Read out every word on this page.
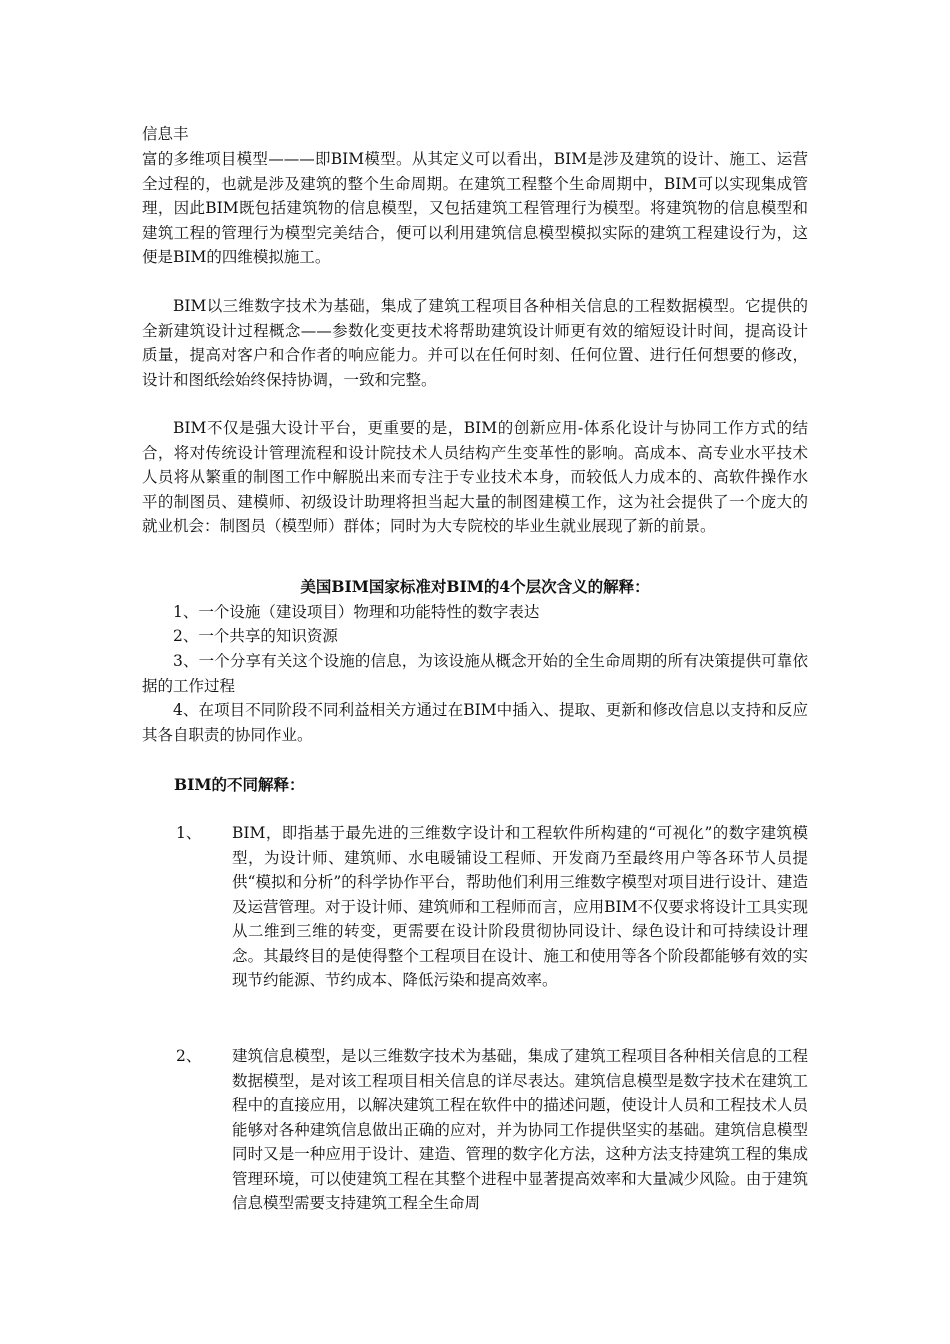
信息丰

富的多维项目模型———即BIM模型。从其定义可以看出，BIM是涉及建筑的设计、施工、运营全过程的，也就是涉及建筑的整个生命周期。在建筑工程整个生命周期中，BIM可以实现集成管理，因此BIM既包括建筑物的信息模型，又包括建筑工程管理行为模型。将建筑物的信息模型和建筑工程的管理行为模型完美结合，便可以利用建筑信息模型模拟实际的建筑工程建设行为，这便是BIM的四维模拟施工。

BIM以三维数字技术为基础，集成了建筑工程项目各种相关信息的工程数据模型。它提供的全新建筑设计过程概念——参数化变更技术将帮助建筑设计师更有效的缩短设计时间，提高设计质量，提高对客户和合作者的响应能力。并可以在任何时刻、任何位置、进行任何想要的修改，设计和图纸绘始终保持协调，一致和完整。

BIM不仅是强大设计平台，更重要的是，BIM的创新应用-体系化设计与协同工作方式的结合，将对传统设计管理流程和设计院技术人员结构产生变革性的影响。高成本、高专业水平技术人员将从繁重的制图工作中解脱出来而专注于专业技术本身，而较低人力成本的、高软件操作水平的制图员、建模师、初级设计助理将担当起大量的制图建模工作，这为社会提供了一个庞大的就业机会：制图员（模型师）群体；同时为大专院校的毕业生就业展现了新的前景。

美国BIM国家标准对BIM的4个层次含义的解释：

1、一个设施（建设项目）物理和功能特性的数字表达

2、一个共享的知识资源

3、一个分享有关这个设施的信息，为该设施从概念开始的全生命周期的所有决策提供可靠依据的工作过程

4、在项目不同阶段不同利益相关方通过在BIM中插入、提取、更新和修改信息以支持和反应其各自职责的协同作业。

BIM的不同解释：
1、 BIM，即指基于最先进的三维数字设计和工程软件所构建的“可视化”的数字建筑模型，为设计师、建筑师、水电暖铺设工程师、开发商乃至最终用户等各环节人员提供“模拟和分析”的科学协作平台，帮助他们利用三维数字模型对项目进行设计、建造及运营管理。对于设计师、建筑师和工程师而言，应用BIM不仅要求将设计工具实现从二维到三维的转变，更需要在设计阶段贯彻协同设计、绿色设计和可持续设计理念。其最终目的是使得整个工程项目在设计、施工和使用等各个阶段都能够有效的实现节约能源、节约成本、降低污染和提高效率。

2、 建筑信息模型，是以三维数字技术为基础，集成了建筑工程项目各种相关信息的工程数据模型，是对该工程项目相关信息的详尽表达。建筑信息模型是数字技术在建筑工程中的直接应用，以解决建筑工程在软件中的描述问题，使设计人员和工程技术人员能够对各种建筑信息做出正确的应对，并为协同工作提供坚实的基础。建筑信息模型同时又是一种应用于设计、建造、管理的数字化方法，这种方法支持建筑工程的集成管理环境，可以使建筑工程在其整个进程中显著提高效率和大量减少风险。由于建筑信息模型需要支持建筑工程全生命周
